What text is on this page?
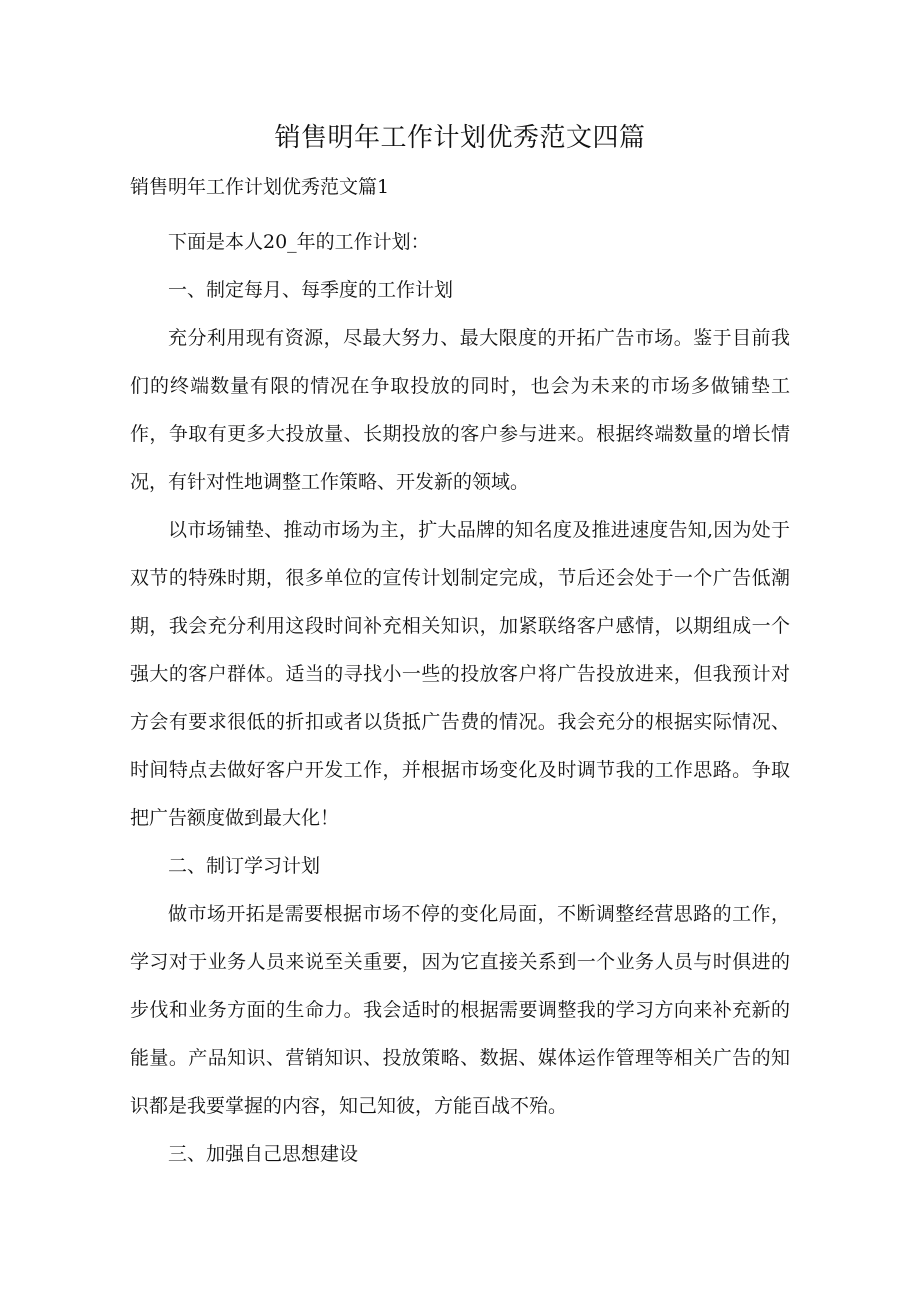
销售明年工作计划优秀范文四篇
销售明年工作计划优秀范文篇1

下面是本人20_年的工作计划：

一、制定每月、每季度的工作计划

充分利用现有资源，尽最大努力、最大限度的开拓广告市场。鉴于目前我们的终端数量有限的情况在争取投放的同时，也会为未来的市场多做铺垫工作，争取有更多大投放量、长期投放的客户参与进来。根据终端数量的增长情况，有针对性地调整工作策略、开发新的领域。

以市场铺垫、推动市场为主，扩大品牌的知名度及推进速度告知,因为处于双节的特殊时期，很多单位的宣传计划制定完成，节后还会处于一个广告低潮期，我会充分利用这段时间补充相关知识，加紧联络客户感情，以期组成一个强大的客户群体。适当的寻找小一些的投放客户将广告投放进来，但我预计对方会有要求很低的折扣或者以货抵广告费的情况。我会充分的根据实际情况、时间特点去做好客户开发工作，并根据市场变化及时调节我的工作思路。争取把广告额度做到最大化！

二、制订学习计划

做市场开拓是需要根据市场不停的变化局面，不断调整经营思路的工作，学习对于业务人员来说至关重要，因为它直接关系到一个业务人员与时俱进的步伐和业务方面的生命力。我会适时的根据需要调整我的学习方向来补充新的能量。产品知识、营销知识、投放策略、数据、媒体运作管理等相关广告的知识都是我要掌握的内容，知己知彼，方能百战不殆。

三、加强自己思想建设
